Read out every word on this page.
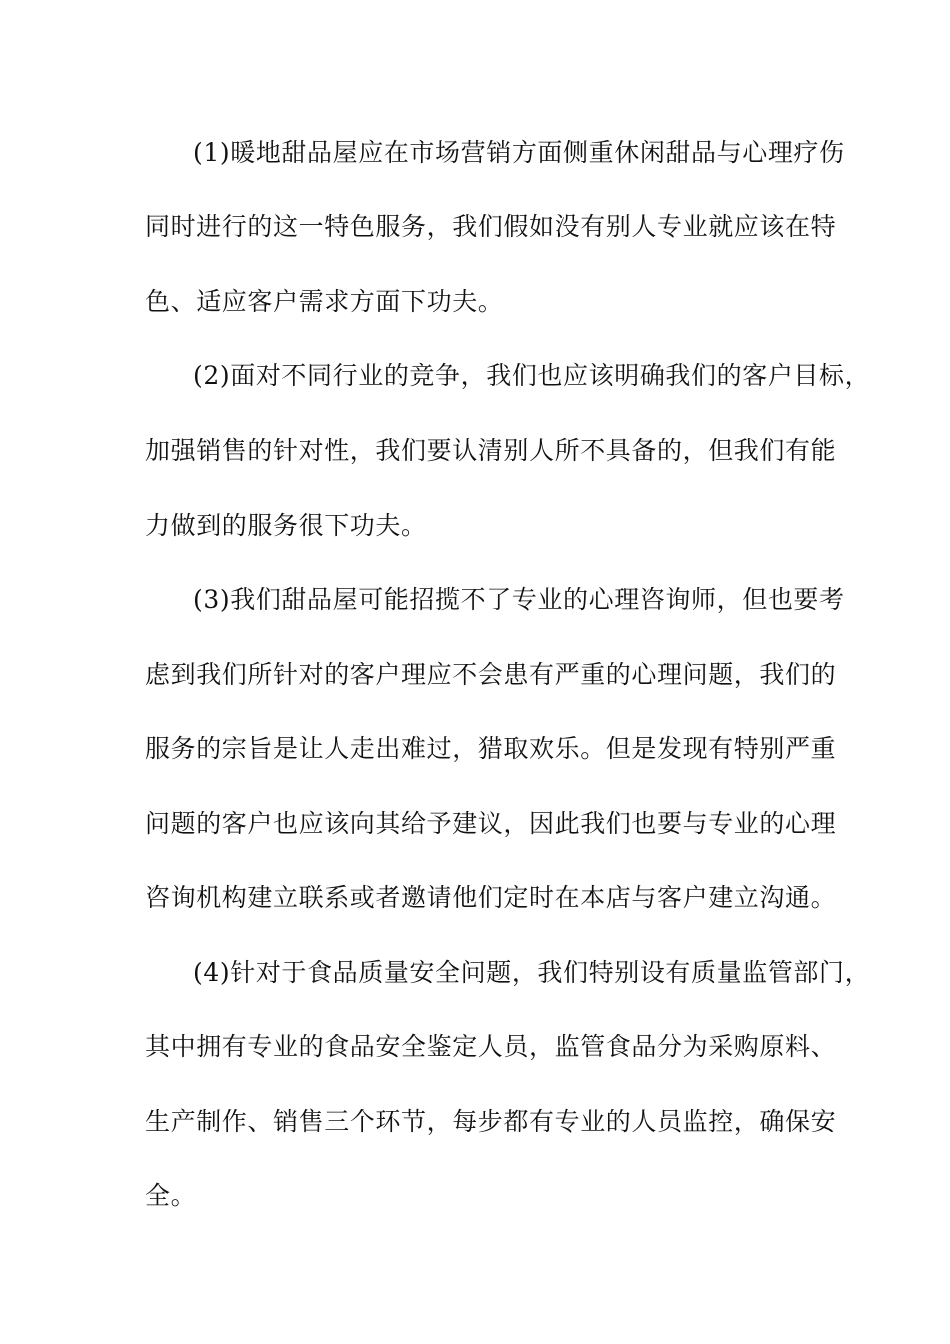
(1)暖地甜品屋应在市场营销方面侧重休闲甜品与心理疗伤
同时进行的这一特色服务，我们假如没有别人专业就应该在特
色、适应客户需求方面下功夫。
(2)面对不同行业的竞争，我们也应该明确我们的客户目标，
加强销售的针对性，我们要认清别人所不具备的，但我们有能
力做到的服务很下功夫。
(3)我们甜品屋可能招揽不了专业的心理咨询师，但也要考
虑到我们所针对的客户理应不会患有严重的心理问题，我们的
服务的宗旨是让人走出难过，猎取欢乐。但是发现有特别严重
问题的客户也应该向其给予建议，因此我们也要与专业的心理
咨询机构建立联系或者邀请他们定时在本店与客户建立沟通。
(4)针对于食品质量安全问题，我们特别设有质量监管部门，
其中拥有专业的食品安全鉴定人员，监管食品分为采购原料、
生产制作、销售三个环节，每步都有专业的人员监控，确保安
全。
